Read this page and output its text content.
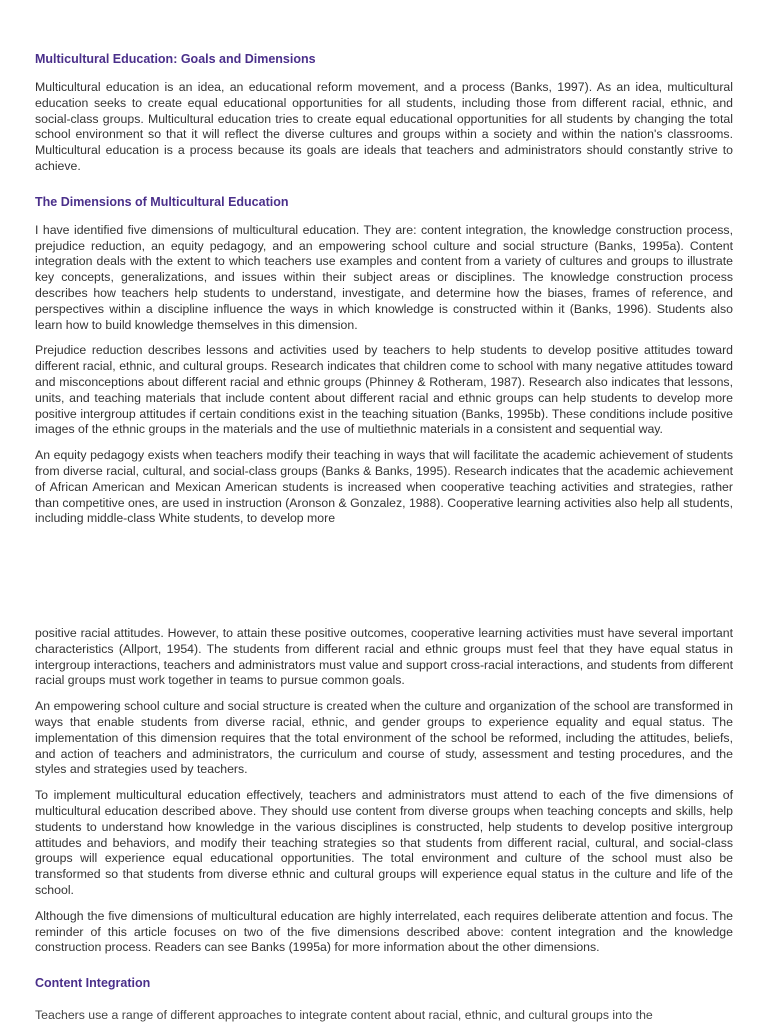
Multicultural Education: Goals and Dimensions

Multicultural education is an idea, an educational reform movement, and a process (Banks, 1997). As an idea, multicultural education seeks to create equal educational opportunities for all students, including those from different racial, ethnic, and social-class groups. Multicultural education tries to create equal educational opportunities for all students by changing the total school environment so that it will reflect the diverse cultures and groups within a society and within the nation's classrooms. Multicultural education is a process because its goals are ideals that teachers and administrators should constantly strive to achieve.

The Dimensions of Multicultural Education

I have identified five dimensions of multicultural education. They are: content integration, the knowledge construction process, prejudice reduction, an equity pedagogy, and an empowering school culture and social structure (Banks, 1995a). Content integration deals with the extent to which teachers use examples and content from a variety of cultures and groups to illustrate key concepts, generalizations, and issues within their subject areas or disciplines. The knowledge construction process describes how teachers help students to understand, investigate, and determine how the biases, frames of reference, and perspectives within a discipline influence the ways in which knowledge is constructed within it (Banks, 1996). Students also learn how to build knowledge themselves in this dimension.

Prejudice reduction describes lessons and activities used by teachers to help students to develop positive attitudes toward different racial, ethnic, and cultural groups. Research indicates that children come to school with many negative attitudes toward and misconceptions about different racial and ethnic groups (Phinney & Rotheram, 1987). Research also indicates that lessons, units, and teaching materials that include content about different racial and ethnic groups can help students to develop more positive intergroup attitudes if certain conditions exist in the teaching situation (Banks, 1995b). These conditions include positive images of the ethnic groups in the materials and the use of multiethnic materials in a consistent and sequential way.

An equity pedagogy exists when teachers modify their teaching in ways that will facilitate the academic achievement of students from diverse racial, cultural, and social-class groups (Banks & Banks, 1995). Research indicates that the academic achievement of African American and Mexican American students is increased when cooperative teaching activities and strategies, rather than competitive ones, are used in instruction (Aronson & Gonzalez, 1988). Cooperative learning activities also help all students, including middle-class White students, to develop more

positive racial attitudes. However, to attain these positive outcomes, cooperative learning activities must have several important characteristics (Allport, 1954). The students from different racial and ethnic groups must feel that they have equal status in intergroup interactions, teachers and administrators must value and support cross-racial interactions, and students from different racial groups must work together in teams to pursue common goals.

An empowering school culture and social structure is created when the culture and organization of the school are transformed in ways that enable students from diverse racial, ethnic, and gender groups to experience equality and equal status. The implementation of this dimension requires that the total environment of the school be reformed, including the attitudes, beliefs, and action of teachers and administrators, the curriculum and course of study, assessment and testing procedures, and the styles and strategies used by teachers.

To implement multicultural education effectively, teachers and administrators must attend to each of the five dimensions of multicultural education described above. They should use content from diverse groups when teaching concepts and skills, help students to understand how knowledge in the various disciplines is constructed, help students to develop positive intergroup attitudes and behaviors, and modify their teaching strategies so that students from different racial, cultural, and social-class groups will experience equal educational opportunities. The total environment and culture of the school must also be transformed so that students from diverse ethnic and cultural groups will experience equal status in the culture and life of the school.

Although the five dimensions of multicultural education are highly interrelated, each requires deliberate attention and focus. The reminder of this article focuses on two of the five dimensions described above: content integration and the knowledge construction process. Readers can see Banks (1995a) for more information about the other dimensions.

Content Integration

Teachers use a range of different approaches to integrate content about racial, ethnic, and cultural groups into the
